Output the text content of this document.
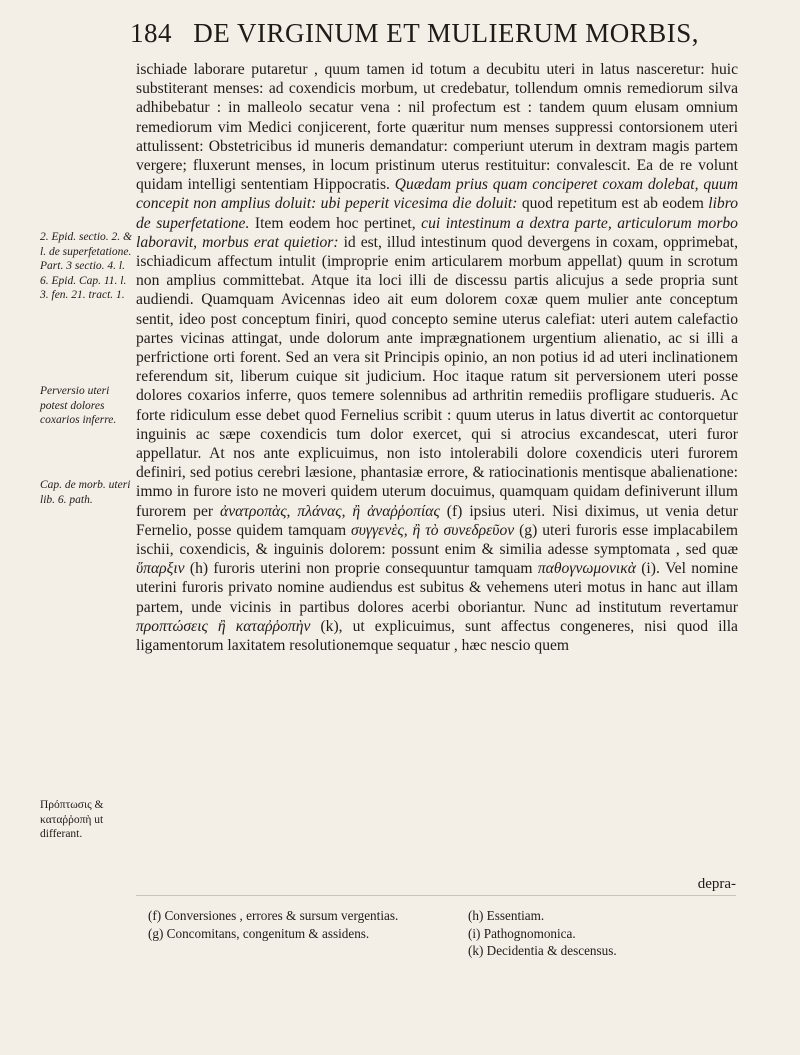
184 DE VIRGINUM ET MULIERUM MORBIS,
2. Epid. sectio. 2. & l. de superfetatione. Part. 3 sectio. 4. l. 6. Epid. Cap. 11. l. 3. fen. 21. tract. 1.
Perversio uteri potest dolores coxarios inferre.
Cap. de morb. uteri lib. 6. path.
Πρόπτωσις & καταῤῥοπὴ ut differant.

ischiade laborare putaretur , quum tamen id totum a decubitu uteri in latus nasceretur: huic substiterant menses: ad coxendicis morbum, ut credebatur, tollendum omnis remediorum silva adhibebatur : in malleolo secatur vena : nil profectum est : tandem quum elusam omnium remediorum vim Medici conjicerent, forte quæritur num menses suppressi contorsionem uteri attulissent: Obstetricibus id muneris demandatur: comperiunt uterum in dextram magis partem vergere; fluxerunt menses, in locum pristinum uterus restituitur: convalescit. Ea de re volunt quidam intelligi sententiam Hippocratis. Quædam prius quam conciperet coxam dolebat, quum concepit non amplius doluit: ubi peperit vicesima die doluit: quod repetitum est ab eodem libro de superfetatione. Item eodem hoc pertinet, cui intestinum a dextra parte, articulorum morbo laboravit, morbus erat quietior: id est, illud intestinum quod devergens in coxam, opprimebat, ischiadicum affectum intulit (improprie enim articularem morbum appellat) quum in scrotum non amplius committebat. Atque ita loci illi de discessu partis alicujus a sede propria sunt audiendi. Quamquam Avicennas ideo ait eum dolorem coxæ quem mulier ante conceptum sentit, ideo post conceptum finiri, quod concepto semine uterus calefiat: uteri autem calefactio partes vicinas attingat, unde dolorum ante imprægnationem urgentium alienatio, ac si illi a perfrictione orti forent. Sed an vera sit Principis opinio, an non potius id ad uteri inclinationem referendum sit, liberum cuique sit judicium. Hoc itaque ratum sit perversionem uteri posse dolores coxarios inferre, quos temere solennibus ad arthritin remediis profligare studueris. Ac forte ridiculum esse debet quod Fernelius scribit : quum uterus in latus divertit ac contorquetur inguinis ac sæpe coxendicis tum dolor exercet, qui si atrocius excandescat, uteri furor appellatur. At nos ante explicuimus, non isto intolerabili dolore coxendicis uteri furorem definiri, sed potius cerebri læsione, phantasiæ errore, & ratiocinationis mentisque abalienatione: immo in furore isto ne moveri quidem uterum docuimus, quamquam quidam definiverunt illum furorem per ἀνατροπὰς, πλάνας, ἢ ἀναῤῥοπίας (f) ipsius uteri. Nisi diximus, ut venia detur Fernelio, posse quidem tamquam συγγενὲς, ἢ τὸ συνεδρεῦον (g) uteri furoris esse implacabilem ischii, coxendicis, & inguinis dolorem: possunt enim & similia adesse symptomata , sed quæ ὕπαρξιν (h) furoris uterini non proprie consequuntur tamquam παθογνωμονικὰ (i). Vel nomine uterini furoris privato nomine audiendus est subitus & vehemens uteri motus in hanc aut illam partem, unde vicinis in partibus dolores acerbi oboriantur. Nunc ad institutum revertamur προπτώσεις ἢ καταῤῥοπὴν (k), ut explicuimus, sunt affectus congeneres, nisi quod illa ligamentorum laxitatem resolutionemque sequatur , hæc nescio quem

depra-

(f) Conversiones , errores & sursum vergentias.

(g) Concomitans, congenitum & assidens.

(h) Essentiam.

(i) Pathognomonica.

(k) Decidentia & descensus.
